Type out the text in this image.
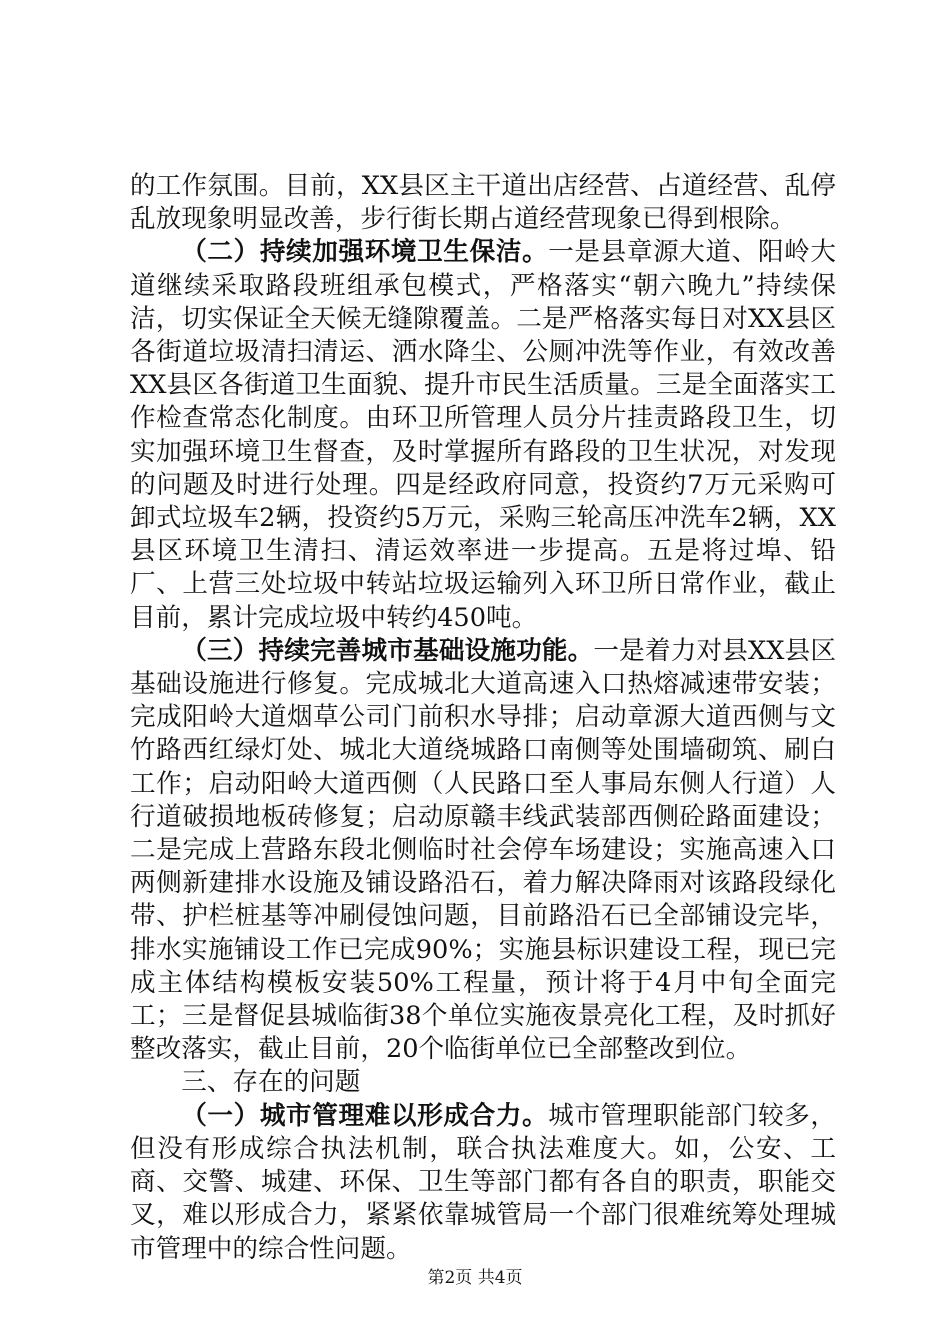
的工作氛围。目前，XX县区主干道出店经营、占道经营、乱停乱放现象明显改善，步行街长期占道经营现象已得到根除。

（二）持续加强环境卫生保洁。一是县章源大道、阳岭大道继续采取路段班组承包模式，严格落实“朝六晚九”持续保洁，切实保证全天候无缝隙覆盖。二是严格落实每日对XX县区各街道垃圾清扫清运、洒水降尘、公厕冲洗等作业，有效改善XX县区各街道卫生面貌、提升市民生活质量。三是全面落实工作检查常态化制度。由环卫所管理人员分片挂责路段卫生，切实加强环境卫生督查，及时掌握所有路段的卫生状况，对发现的问题及时进行处理。四是经政府同意，投资约7万元采购可卸式垃圾车2辆，投资约5万元，采购三轮高压冲洗车2辆，XX县区环境卫生清扫、清运效率进一步提高。五是将过埠、铅厂、上营三处垃圾中转站垃圾运输列入环卫所日常作业，截止目前，累计完成垃圾中转约450吨。

（三）持续完善城市基础设施功能。一是着力对县XX县区基础设施进行修复。完成城北大道高速入口热熔减速带安装；完成阳岭大道烟草公司门前积水导排；启动章源大道西侧与文竹路西红绿灯处、城北大道绕城路口南侧等处围墙砌筑、刷白工作；启动阳岭大道西侧（人民路口至人事局东侧人行道）人行道破损地板砖修复；启动原赣丰线武装部西侧砼路面建设；二是完成上营路东段北侧临时社会停车场建设；实施高速入口两侧新建排水设施及铺设路沿石，着力解决降雨对该路段绿化带、护栏桩基等冲刷侵蚀问题，目前路沿石已全部铺设完毕，排水实施铺设工作已完成90%；实施县标识建设工程，现已完成主体结构模板安装50%工程量，预计将于4月中旬全面完工；三是督促县城临街38个单位实施夜景亮化工程，及时抓好整改落实，截止目前，20个临街单位已全部整改到位。

三、存在的问题

（一）城市管理难以形成合力。城市管理职能部门较多，但没有形成综合执法机制，联合执法难度大。如，公安、工商、交警、城建、环保、卫生等部门都有各自的职责，职能交叉，难以形成合力，紧紧依靠城管局一个部门很难统筹处理城市管理中的综合性问题。

第2页 共4页
